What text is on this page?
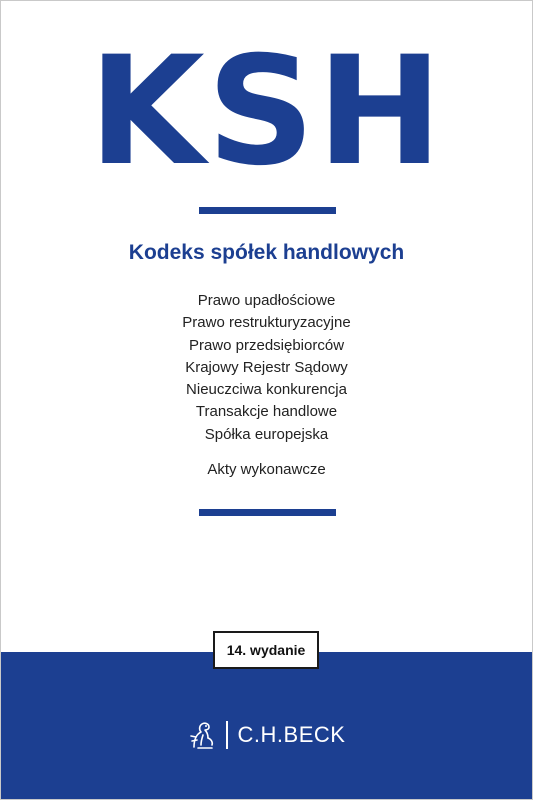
KSH
Kodeks spółek handlowych
Prawo upadłościowe
Prawo restrukturyzacyjne
Prawo przedsiębiorców
Krajowy Rejestr Sądowy
Nieuczciwa konkurencja
Transakcje handlowe
Spółka europejska
Akty wykonawcze
14. wydanie
C.H.BECK
